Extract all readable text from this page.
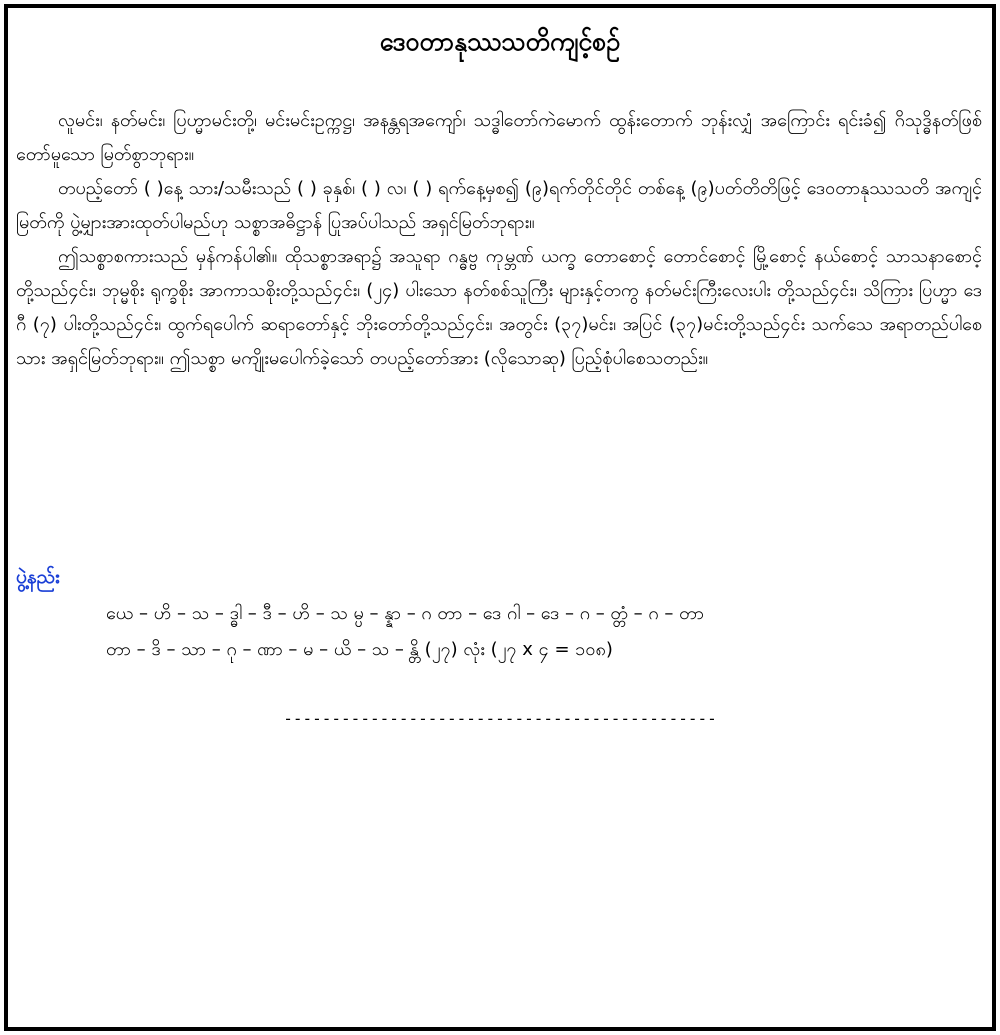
ဒေဝတာနုဿသတိကျင့်စဉ်

လူမင်း၊ နတ်မင်း၊ ပြဟ္မာမင်းတို့၊ မင်းမင်းဥက္ကဋ္ဌ၊ အနန္တရအကျော်၊ သဒ္ဓါတော်ကဲမောက် ထွန်းတောက် ဘုန်းလျှံ အကြောင်း ရင်းခံ၍ ဂိသုဒ္ဓိနတ်ဖြစ်တော်မူသော မြတ်စွာဘုရား။

တပည့်တော် ( )နေ့ သား/သမီးသည် ( ) ခုနှစ်၊ ( ) လ၊ ( ) ရက်နေ့မှစ၍ (၉)ရက်တိုင်တိုင် တစ်နေ့ (၉)ပတ်တိတိဖြင့် ဒေဝတာနုဿသတိ အကျင့်မြတ်ကို ပွဲ့မျှားအားထုတ်ပါမည်ဟု သစ္စာအဓိဋ္ဌာန် ပြုအပ်ပါသည် အရှင်မြတ်ဘုရား။

ဤသစ္စာစကားသည် မှန်ကန်ပါ၏။ ထိုသစ္စာအရာ၌ အသူရာ ဂန္ဓဗ္ဗ ကုမ္ဘဏ် ယက္ခ တောစောင့် တောင်စောင့် မြို့စောင့် နယ်စောင့် သာသနာစောင့်တို့သည်၄င်း၊ ဘုမ္မစိုး ရုက္ခစိုး အာကာသစိုးတို့သည်၄င်း၊ (၂၄) ပါးသော နတ်စစ်သူကြီး များနှင့်တကွ နတ်မင်းကြီးလေးပါး တို့သည်၄င်း၊ သိကြား ပြဟ္မာ ဒေဂီ (၇) ပါးတို့သည်၄င်း၊ ထွက်ရပေါက် ဆရာတော်နှင့် ဘိုးတော်တို့သည်၄င်း၊ အတွင်း (၃၇)မင်း၊ အပြင် (၃၇)မင်းတို့သည်၄င်း သက်သေ အရာတည်ပါစေသား အရှင်မြတ်ဘုရား။ ဤသစ္စာ မကျိုးမပေါက်ခဲ့သော် တပည့်တော်အား (လိုသောဆု) ပြည့်စုံပါစေသတည်း။

ပွဲ့နည်း
ယေ – ဟိ – သ – ဒ္ဓါ – ဒီ – ဟိ – သ မ္ပ – န္နာ – ဂ တာ – ဒေ ဂါ – ဒေ – ဂ – တ္တံ – ဂ – တာ
တာ – ဒိ – သာ – ဂု – ဏာ – မ – ယိ – သ – န္တိ (၂၇) လုံး (၂၇ x ၄ = ၁၀၈)
---------------------------------------------
